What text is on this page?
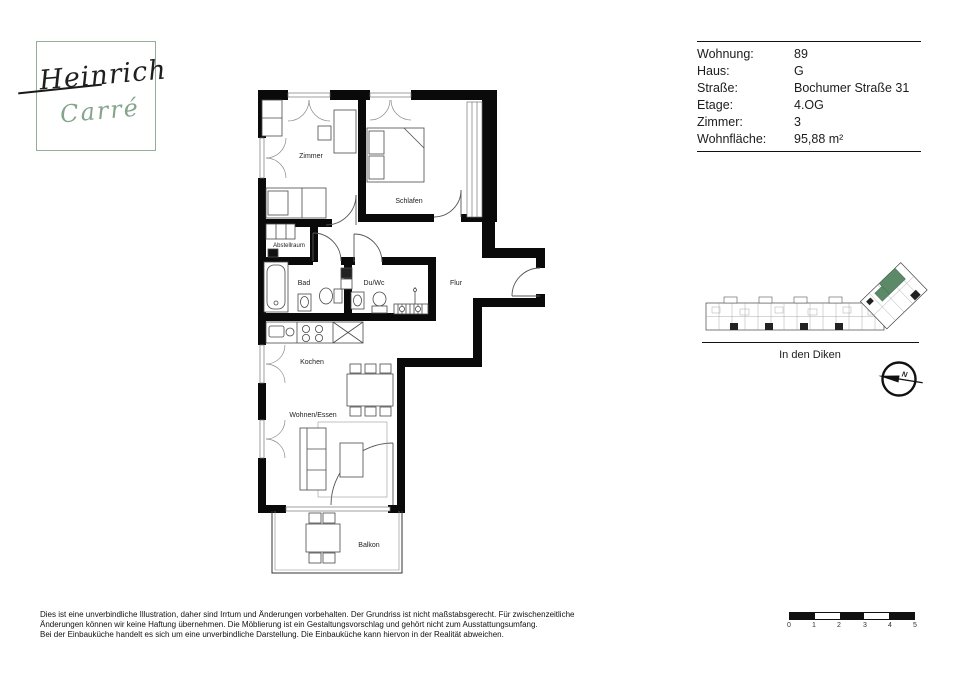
Heinrich
Carré
Wohnung:	89
Haus:	G
Straße:	Bochumer Straße 31
Etage:	4.OG
Zimmer:	3
Wohnfläche:	95,88 m²
Zimmer
Schlafen
Abstellraum
Bad	Du/Wc	Flur
Kochen
Wohnen/Essen
Balkon
In den Diken
N
0	1	2	3	4	5
Dies ist eine unverbindliche Illustration, daher sind Irrtum und Änderungen vorbehalten. Der Grundriss ist nicht maßstabsgerecht. Für zwischenzeitliche
Änderungen können wir keine Haftung übernehmen. Die Möblierung ist ein Gestaltungsvorschlag und gehört nicht zum Ausstattungsumfang.
Bei der Einbauküche handelt es sich um eine unverbindliche Darstellung. Die Einbauküche kann hiervon in der Realität abweichen.
